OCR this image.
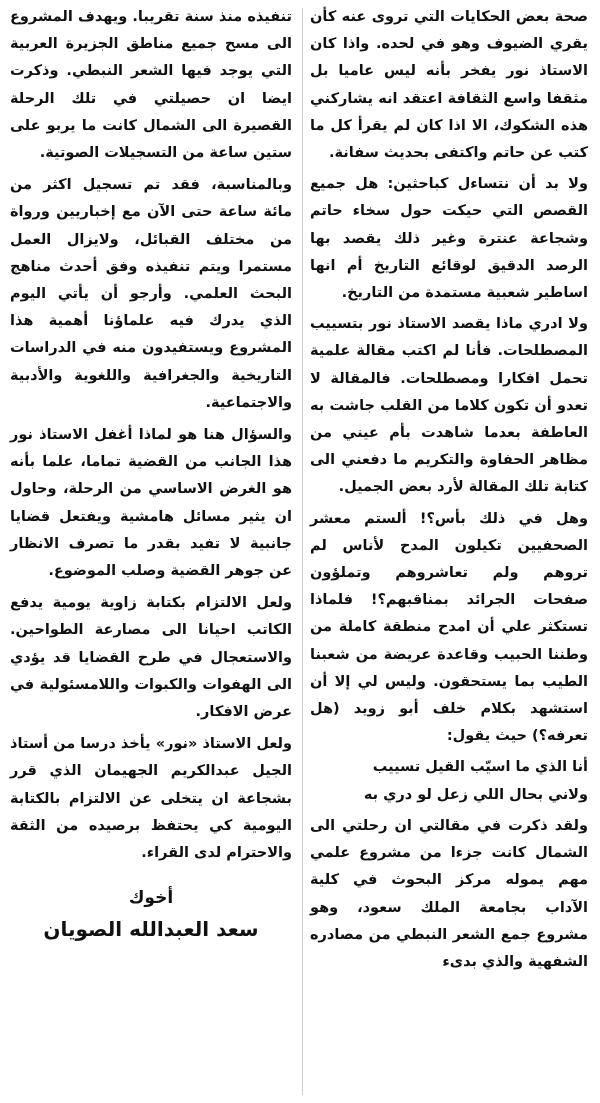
صحة بعض الحكايات التي تروى عنه كأن يقري الضيوف وهو في لحده. واذا كان الاستاذ نور يفخر بأنه ليس عاميا بل مثقفا واسع الثقافة اعتقد انه يشاركني هذه الشكوك، الا اذا كان لم يقرأ كل ما كتب عن حاتم واكتفى بحديث سفانة.

ولا بد أن نتساءل كباحثين: هل جميع القصص التي حيكت حول سخاء حاتم وشجاعة عنترة وغير ذلك يقصد بها الرصد الدقيق لوقائع التاريخ أم انها اساطير شعبية مستمدة من التاريخ.

ولا ادري ماذا يقصد الاستاذ نور بتسييب المصطلحات. فأنا لم اكتب مقالة علمية تحمل افكارا ومصطلحات. فالمقالة لا تعدو أن تكون كلاما من القلب جاشت به العاطفة بعدما شاهدت بأم عيني من مظاهر الحفاوة والتكريم ما دفعني الى كتابة تلك المقالة لأرد بعض الجميل.

وهل في ذلك بأس؟! ألستم معشر الصحفيين تكيلون المدح لأناس لم تروهم ولم تعاشروهم وتملؤون صفحات الجرائد بمناقبهم؟! فلماذا تستكثر علي أن امدح منطقة كاملة من وطننا الحبيب وقاعدة عريضة من شعبنا الطيب بما يستحقون. وليس لي إلا أن استشهد بكلام خلف أبو زويد (هل تعرفه؟) حيث يقول:

أنا الذي ما اسيّب القيل تسييب

ولاني بحال اللي زعل لو دري به

ولقد ذكرت في مقالتي ان رحلتي الى الشمال كانت جزءا من مشروع علمي مهم يموله مركز البحوث في كلية الآداب بجامعة الملك سعود، وهو مشروع جمع الشعر النبطي من مصادره الشفهية والذي بدىء

تنفيذه منذ سنة تقريبا. ويهدف المشروع الى مسح جميع مناطق الجزيرة العربية التي يوجد فيها الشعر النبطي. وذكرت ايضا ان حصيلتي في تلك الرحلة القصيرة الى الشمال كانت ما يربو على ستين ساعة من التسجيلات الصوتية.

وبالمناسبة، فقد تم تسجيل اكثر من مائة ساعة حتى الآن مع إخباريين ورواة من مختلف القبائل، ولايزال العمل مستمرا ويتم تنفيذه وفق أحدث مناهج البحث العلمي. وأرجو أن يأتي اليوم الذي يدرك فيه علماؤنا أهمية هذا المشروع ويستفيدون منه في الدراسات التاريخية والجغرافية واللغوية والأدبية والاجتماعية.

والسؤال هنا هو لماذا أغفل الاستاذ نور هذا الجانب من القضية تماما، علما بأنه هو الغرض الاساسي من الرحلة، وحاول ان يثير مسائل هامشية ويفتعل قضايا جانبية لا تفيد بقدر ما تصرف الانظار عن جوهر القضية وصلب الموضوع.

ولعل الالتزام بكتابة زاوية يومية يدفع الكاتب احيانا الى مصارعة الطواحين. والاستعجال في طرح القضايا قد يؤدي الى الهفوات والكبوات واللامسئولية في عرض الافكار.

ولعل الاستاذ «نور» يأخذ درسا من أستاذ الجيل عبدالكريم الجهيمان الذي قرر بشجاعة ان يتخلى عن الالتزام بالكتابة اليومية كي يحتفظ برصيده من الثقة والاحترام لدى القراء.

أخوك
سعد العبدالله الصويان
